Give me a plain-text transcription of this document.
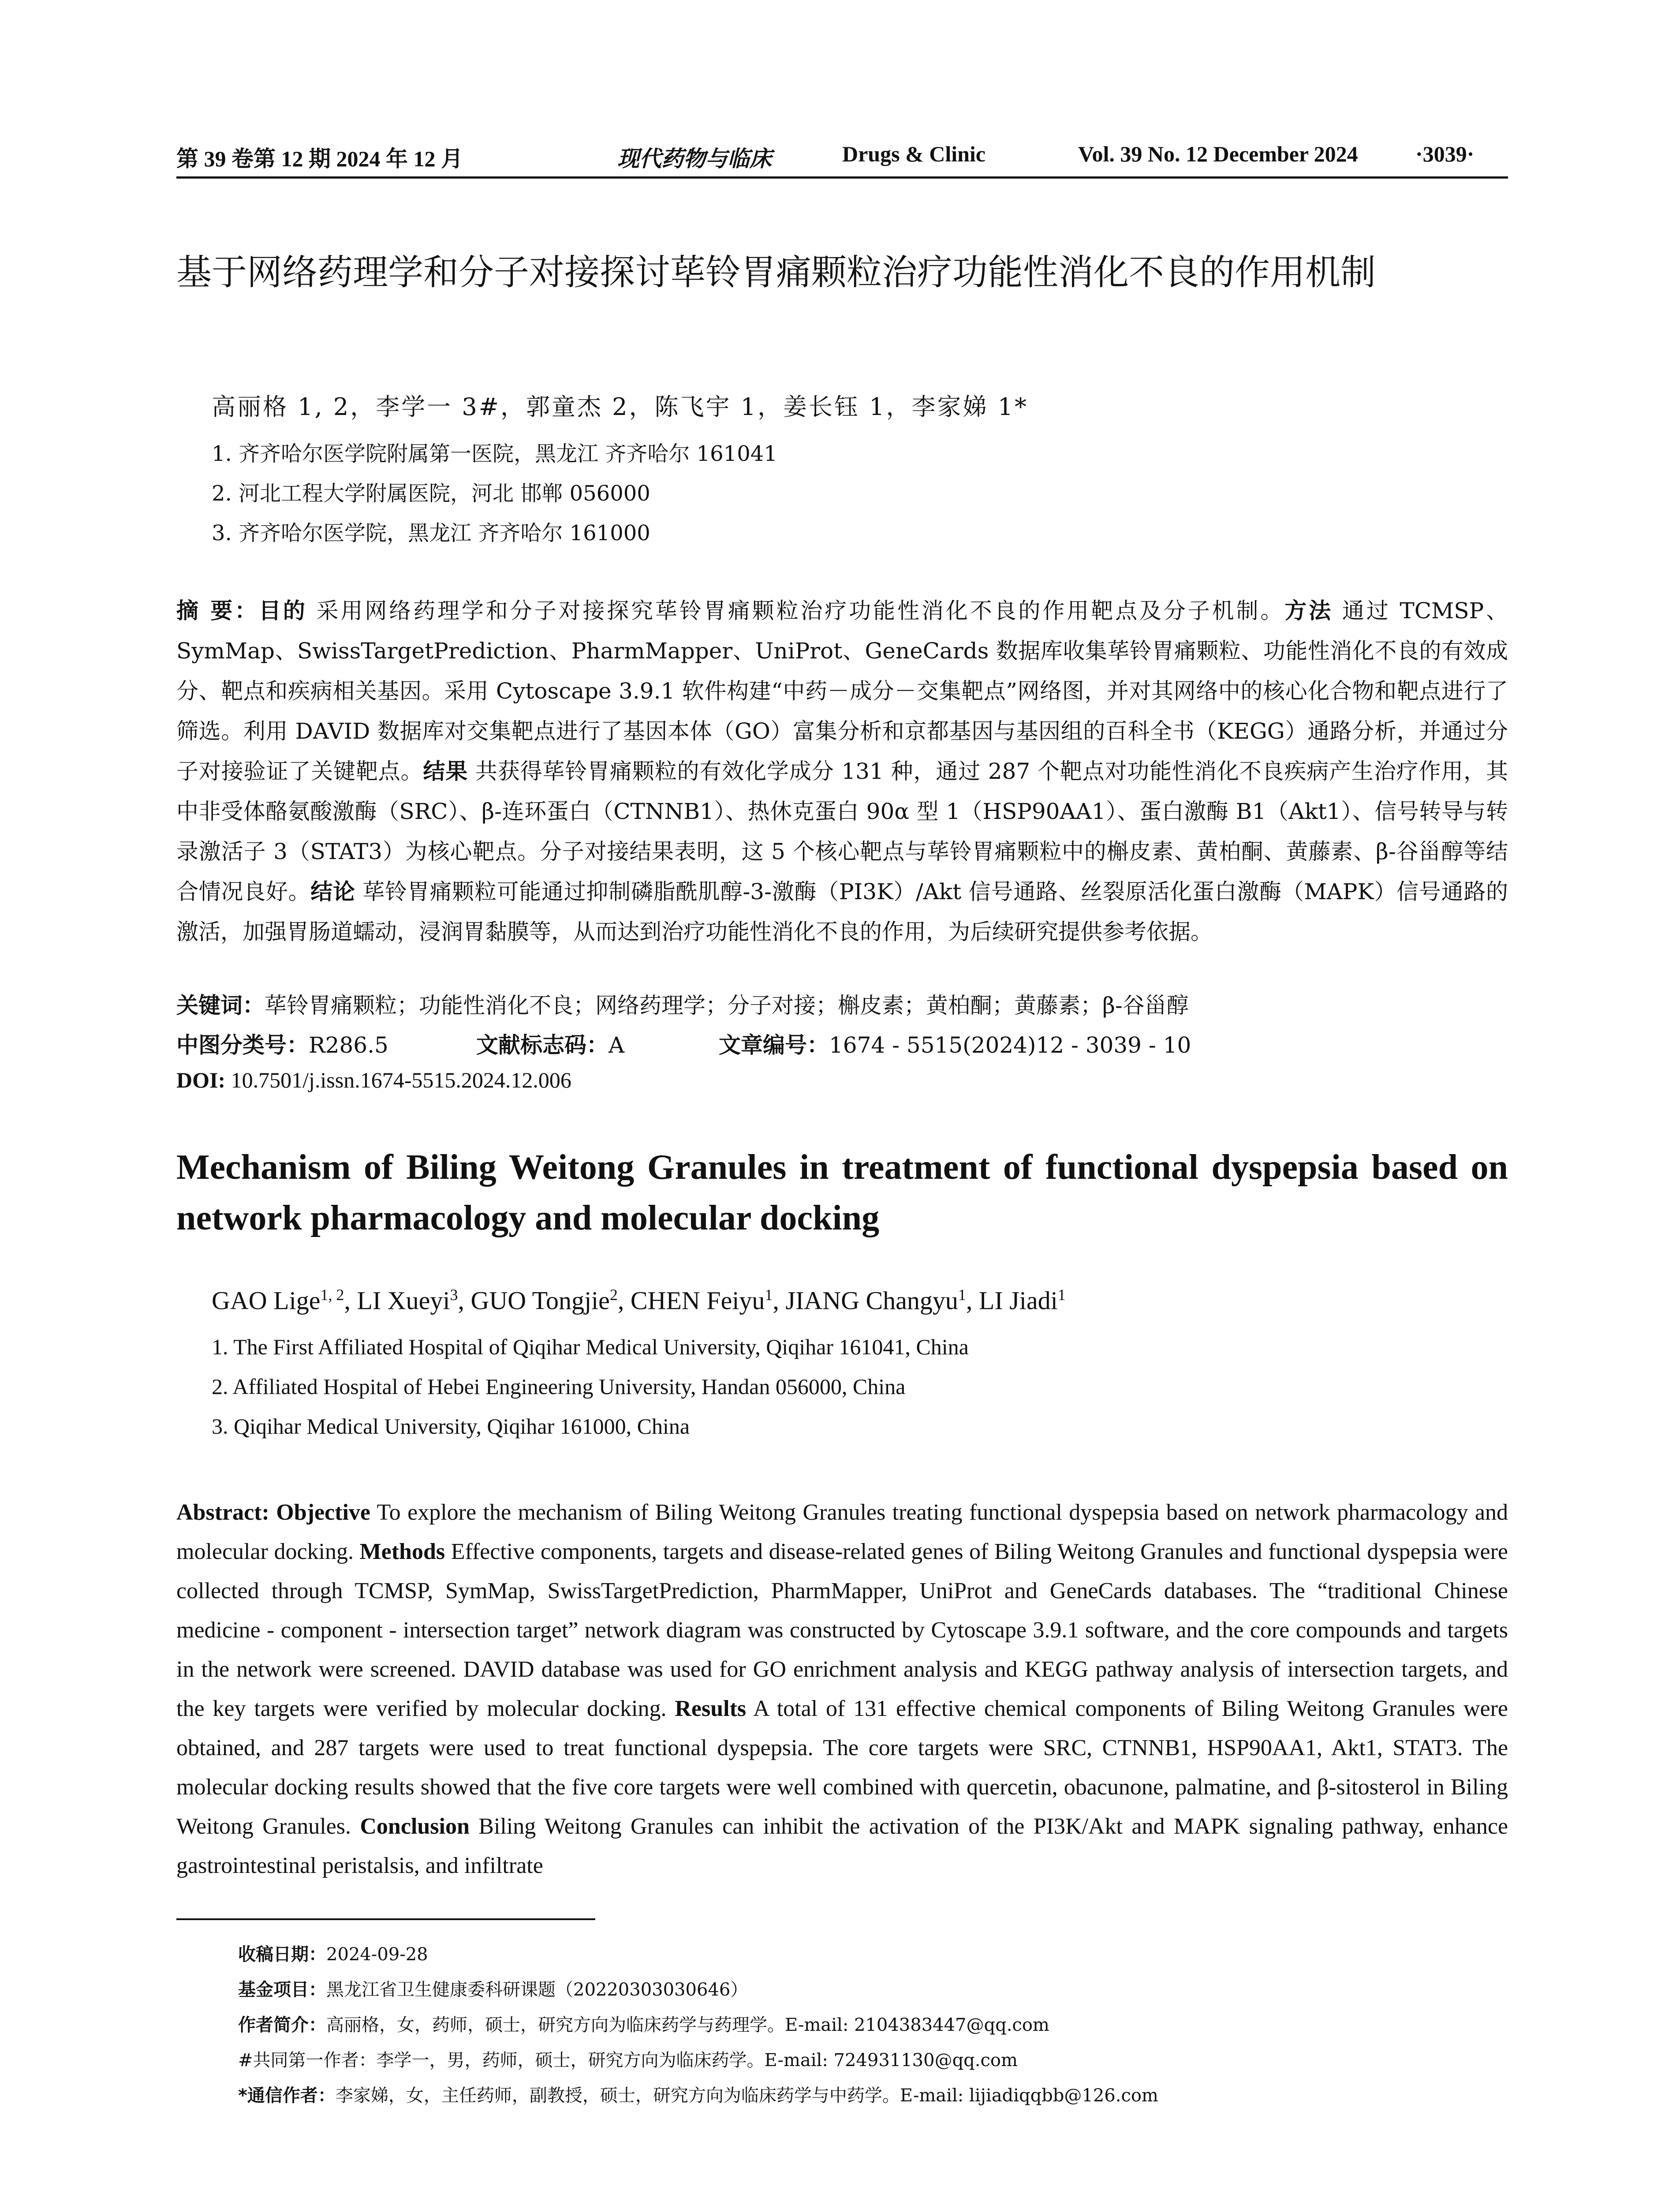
第 39 卷第 12 期 2024 年 12 月	现代药物与临床	Drugs & Clinic	Vol. 39 No. 12 December 2024	·3039·
基于网络药理学和分子对接探讨荜铃胃痛颗粒治疗功能性消化不良的作用机制
高丽格 1, 2，李学一 3#，郭童杰 2，陈飞宇 1，姜长钰 1，李家娣 1*
1. 齐齐哈尔医学院附属第一医院，黑龙江 齐齐哈尔 161041
2. 河北工程大学附属医院，河北 邯郸 056000
3. 齐齐哈尔医学院，黑龙江 齐齐哈尔 161000
摘 要：目的 采用网络药理学和分子对接探究荜铃胃痛颗粒治疗功能性消化不良的作用靶点及分子机制。方法 通过 TCMSP、SymMap、SwissTargetPrediction、PharmMapper、UniProt、GeneCards 数据库收集荜铃胃痛颗粒、功能性消化不良的有效成分、靶点和疾病相关基因。采用 Cytoscape 3.9.1 软件构建“中药－成分－交集靶点”网络图，并对其网络中的核心化合物和靶点进行了筛选。利用 DAVID 数据库对交集靶点进行了基因本体（GO）富集分析和京都基因与基因组的百科全书（KEGG）通路分析，并通过分子对接验证了关键靶点。结果 共获得荜铃胃痛颗粒的有效化学成分 131 种，通过 287 个靶点对功能性消化不良疾病产生治疗作用，其中非受体酪氨酸激酶（SRC）、β-连环蛋白（CTNNB1）、热休克蛋白 90α 型 1（HSP90AA1）、蛋白激酶 B1（Akt1）、信号转导与转录激活子 3（STAT3）为核心靶点。分子对接结果表明，这 5 个核心靶点与荜铃胃痛颗粒中的槲皮素、黄柏酮、黄藤素、β-谷甾醇等结合情况良好。结论 荜铃胃痛颗粒可能通过抑制磷脂酰肌醇-3-激酶（PI3K）/Akt 信号通路、丝裂原活化蛋白激酶（MAPK）信号通路的激活，加强胃肠道蠕动，浸润胃黏膜等，从而达到治疗功能性消化不良的作用，为后续研究提供参考依据。
关键词：荜铃胃痛颗粒；功能性消化不良；网络药理学；分子对接；槲皮素；黄柏酮；黄藤素；β-谷甾醇
中图分类号：R286.5	文献标志码：A	文章编号：1674 - 5515(2024)12 - 3039 - 10
DOI: 10.7501/j.issn.1674-5515.2024.12.006
Mechanism of Biling Weitong Granules in treatment of functional dyspepsia based on network pharmacology and molecular docking
GAO Lige$^{1, 2}$, LI Xueyi$^3$, GUO Tongjie$^2$, CHEN Feiyu$^1$, JIANG Changyu$^1$, LI Jiadi$^1$
1. The First Affiliated Hospital of Qiqihar Medical University, Qiqihar 161041, China
2. Affiliated Hospital of Hebei Engineering University, Handan 056000, China
3. Qiqihar Medical University, Qiqihar 161000, China
Abstract: Objective To explore the mechanism of Biling Weitong Granules treating functional dyspepsia based on network pharmacology and molecular docking. Methods Effective components, targets and disease-related genes of Biling Weitong Granules and functional dyspepsia were collected through TCMSP, SymMap, SwissTargetPrediction, PharmMapper, UniProt and GeneCards databases. The “traditional Chinese medicine - component - intersection target” network diagram was constructed by Cytoscape 3.9.1 software, and the core compounds and targets in the network were screened. DAVID database was used for GO enrichment analysis and KEGG pathway analysis of intersection targets, and the key targets were verified by molecular docking. Results A total of 131 effective chemical components of Biling Weitong Granules were obtained, and 287 targets were used to treat functional dyspepsia. The core targets were SRC, CTNNB1, HSP90AA1, Akt1, STAT3. The molecular docking results showed that the five core targets were well combined with quercetin, obacunone, palmatine, and β-sitosterol in Biling Weitong Granules. Conclusion Biling Weitong Granules can inhibit the activation of the PI3K/Akt and MAPK signaling pathway, enhance gastrointestinal peristalsis, and infiltrate
收稿日期：2024-09-28
基金项目：黑龙江省卫生健康委科研课题（20220303030646）
作者简介：高丽格，女，药师，硕士，研究方向为临床药学与药理学。E-mail: 2104383447@qq.com
#共同第一作者：李学一，男，药师，硕士，研究方向为临床药学。E-mail: 724931130@qq.com
*通信作者：李家娣，女，主任药师，副教授，硕士，研究方向为临床药学与中药学。E-mail: lijiadiqqbb@126.com
